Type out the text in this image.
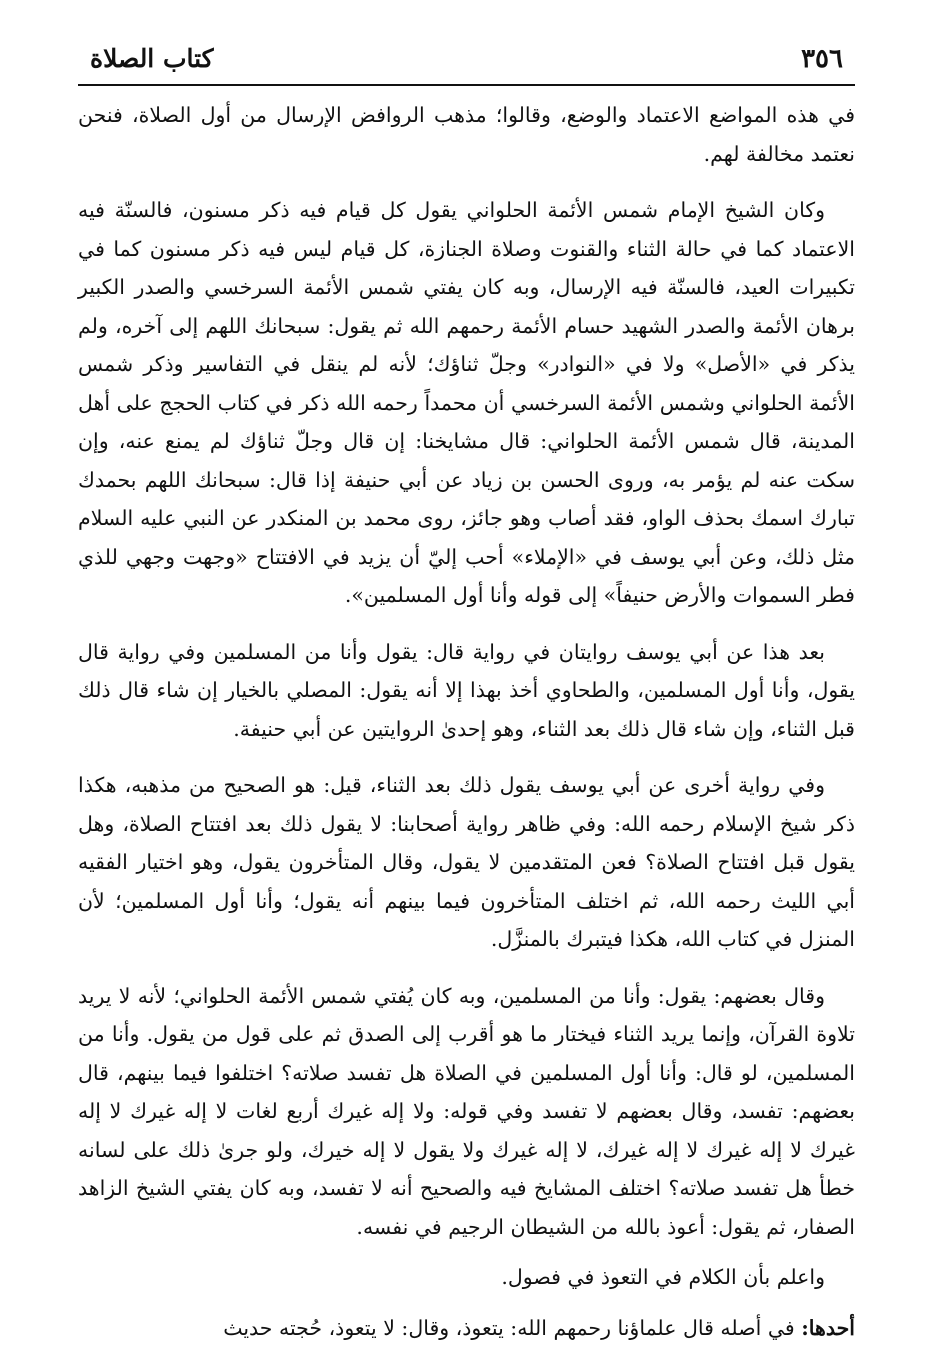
٣٥٦
كتاب الصلاة

في هذه المواضع الاعتماد والوضع، وقالوا؛ مذهب الروافض الإرسال من أول الصلاة، فنحن نعتمد مخالفة لهم.

وكان الشيخ الإمام شمس الأئمة الحلواني يقول كل قيام فيه ذكر مسنون، فالسنّة فيه الاعتماد كما في حالة الثناء والقنوت وصلاة الجنازة، كل قيام ليس فيه ذكر مسنون كما في تكبيرات العيد، فالسنّة فيه الإرسال، وبه كان يفتي شمس الأئمة السرخسي والصدر الكبير برهان الأئمة والصدر الشهيد حسام الأئمة رحمهم الله ثم يقول: سبحانك اللهم إلى آخره، ولم يذكر في «الأصل» ولا في «النوادر» وجلّ ثناؤك؛ لأنه لم ينقل في التفاسير وذكر شمس الأئمة الحلواني وشمس الأئمة السرخسي أن محمداً رحمه الله ذكر في كتاب الحجج على أهل المدينة، قال شمس الأئمة الحلواني: قال مشايخنا: إن قال وجلّ ثناؤك لم يمنع عنه، وإن سكت عنه لم يؤمر به، وروى الحسن بن زياد عن أبي حنيفة إذا قال: سبحانك اللهم بحمدك تبارك اسمك بحذف الواو، فقد أصاب وهو جائز، روى محمد بن المنكدر عن النبي عليه السلام مثل ذلك، وعن أبي يوسف في «الإملاء» أحب إليّ أن يزيد في الافتتاح «وجهت وجهي للذي فطر السموات والأرض حنيفاً» إلى قوله وأنا أول المسلمين».

بعد هذا عن أبي يوسف روايتان في رواية قال: يقول وأنا من المسلمين وفي رواية قال يقول، وأنا أول المسلمين، والطحاوي أخذ بهذا إلا أنه يقول: المصلي بالخيار إن شاء قال ذلك قبل الثناء، وإن شاء قال ذلك بعد الثناء، وهو إحدىٰ الروايتين عن أبي حنيفة.

وفي رواية أخرى عن أبي يوسف يقول ذلك بعد الثناء، قيل: هو الصحيح من مذهبه، هكذا ذكر شيخ الإسلام رحمه الله: وفي ظاهر رواية أصحابنا: لا يقول ذلك بعد افتتاح الصلاة، وهل يقول قبل افتتاح الصلاة؟ فعن المتقدمين لا يقول، وقال المتأخرون يقول، وهو اختيار الفقيه أبي الليث رحمه الله، ثم اختلف المتأخرون فيما بينهم أنه يقول؛ وأنا أول المسلمين؛ لأن المنزل في كتاب الله، هكذا فيتبرك بالمنزَّل.

وقال بعضهم: يقول: وأنا من المسلمين، وبه كان يُفتي شمس الأئمة الحلواني؛ لأنه لا يريد تلاوة القرآن، وإنما يريد الثناء فيختار ما هو أقرب إلى الصدق ثم على قول من يقول. وأنا من المسلمين، لو قال: وأنا أول المسلمين في الصلاة هل تفسد صلاته؟ اختلفوا فيما بينهم، قال بعضهم: تفسد، وقال بعضهم لا تفسد وفي قوله: ولا إله غيرك أربع لغات لا إله غيرك لا إله غيرك لا إله غيرك لا إله غيرك، لا إله غيرك ولا يقول لا إله خيرك، ولو جرىٰ ذلك على لسانه خطأ هل تفسد صلاته؟ اختلف المشايخ فيه والصحيح أنه لا تفسد، وبه كان يفتي الشيخ الزاهد الصفار، ثم يقول: أعوذ بالله من الشيطان الرجيم في نفسه.

واعلم بأن الكلام في التعوذ في فصول.

أحدها: في أصله قال علماؤنا رحمهم الله: يتعوذ، وقال: لا يتعوذ، حُجته حديث
